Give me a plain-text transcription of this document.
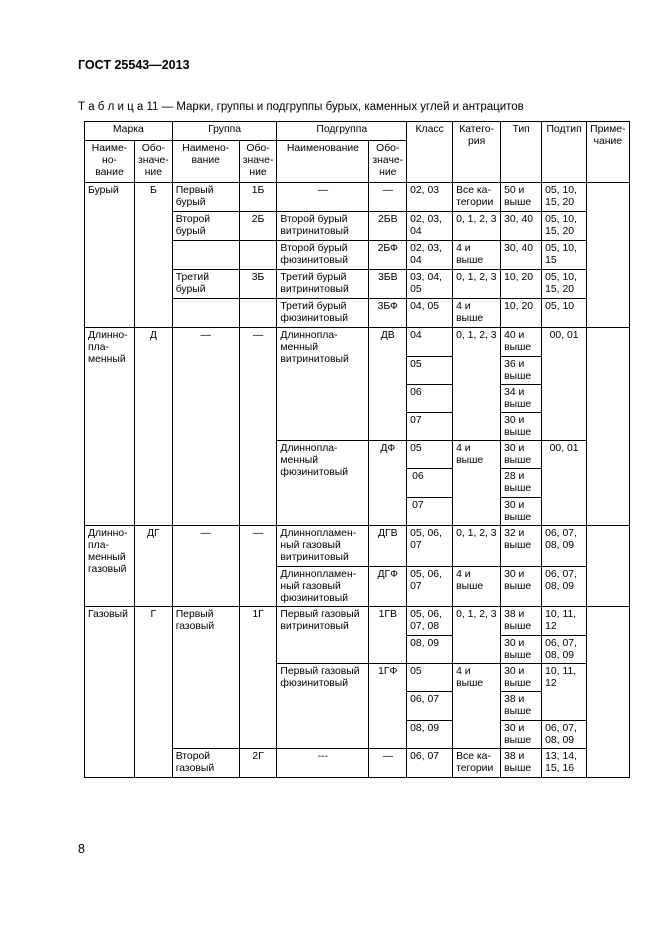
ГОСТ 25543—2013
Т а б л и ц а 11 — Марки, группы и подгруппы бурых, каменных углей и антрацитов
Марка		Группа		Подгруппа		Класс	Катего-рия	Тип	Подтип	Приме-чание
Наиме-но-вание	Обо-значе-ние	Наимено-вание	Обо-значе-ние	Наименование	Обо-значе-ние					
Бурый	Б	Первый бурый	1Б	—	—	02, 03	Все ка-тегории	50 и выше	05, 10, 15, 20	
		Второй бурый	2Б	Второй бурый витринитовый	2БВ	02, 03, 04	0, 1, 2, 3	30, 40	05, 10, 15, 20	
				Второй бурый фюзинитовый	2БФ	02, 03, 04	4 и выше	30, 40	05, 10, 15	
		Третий бурый	3Б	Третий бурый витринитовый	3БВ	03, 04, 05	0, 1, 2, 3	10, 20	05, 10, 15, 20	
				Третий бурый фюзинитовый	3БФ	04, 05	4 и выше	10, 20	05, 10	
Длинно-пла-менный	Д	—	—	Длиннопла-менный витринитовый	ДВ	04	0, 1, 2, 3	40 и выше	00, 01	
						05		36 и выше		
						06		34 и выше		
						07		30 и выше		
				Длиннопла-менный фюзинитовый	ДФ	05	4 и выше	30 и выше	00, 01	
						06		28 и выше		
						07		30 и выше		
Длинно-пла-менный газовый	ДГ	—	—	Длиннопламен-ный газовый витринитовый	ДГВ	05, 06, 07	0, 1, 2, 3	32 и выше	06, 07, 08, 09	
				Длиннопламен-ный газовый фюзинитовый	ДГФ	05, 06, 07	4 и выше	30 и выше	06, 07, 08, 09	
Газовый	Г	Первый газовый	1Г	Первый газовый витринитовый	1ГВ	05, 06, 07, 08	0, 1, 2, 3	38 и выше	10, 11, 12	
						08, 09		30 и выше	06, 07, 08, 09	
				Первый газовый фюзинитовый	1ГФ	05	4 и выше	30 и выше	10, 11, 12	
						06, 07		38 и выше		
						08, 09		30 и выше	06, 07, 08, 09	
		Второй газовый	2Г	---	—	06, 07	Все ка-тегории	38 и выше	13, 14, 15, 16	
8
